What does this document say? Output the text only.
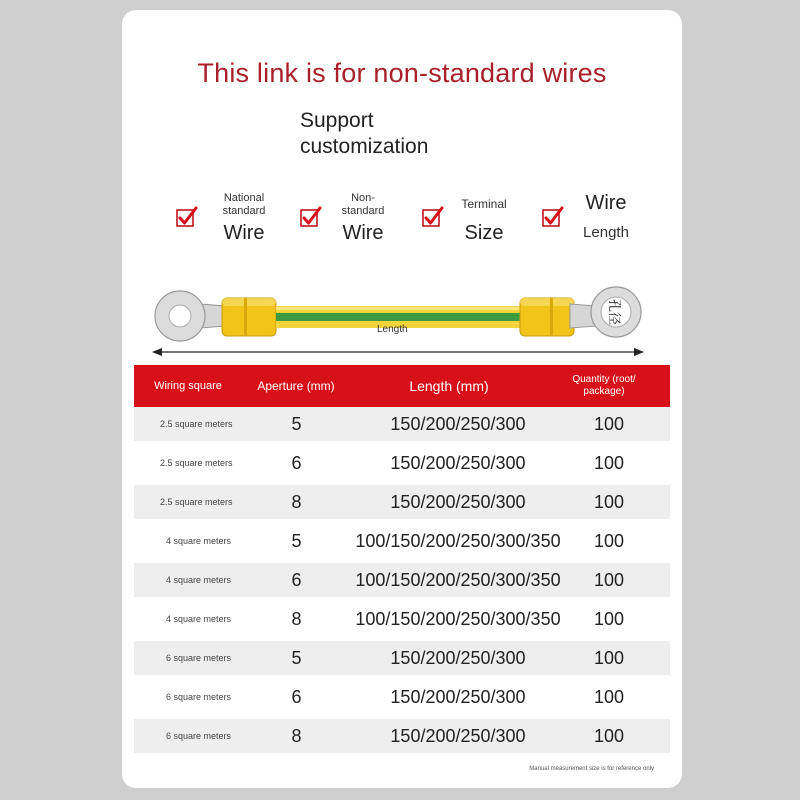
This link is for non-standard wires
Support
customization
National standard
Wire
Non- standard
Wire
Terminal
Size
Wire
Length
孔径
Length
Wiring square	Aperture (mm)	Length (mm)	Quantity (root/ package)
2.5 square meters	5	150/200/250/300	100
2.5 square meters	6	150/200/250/300	100
2.5 square meters	8	150/200/250/300	100
4 square meters	5	100/150/200/250/300/350	100
4 square meters	6	100/150/200/250/300/350	100
4 square meters	8	100/150/200/250/300/350	100
6 square meters	5	150/200/250/300	100
6 square meters	6	150/200/250/300	100
6 square meters	8	150/200/250/300	100
Manual measurement size is for reference only
